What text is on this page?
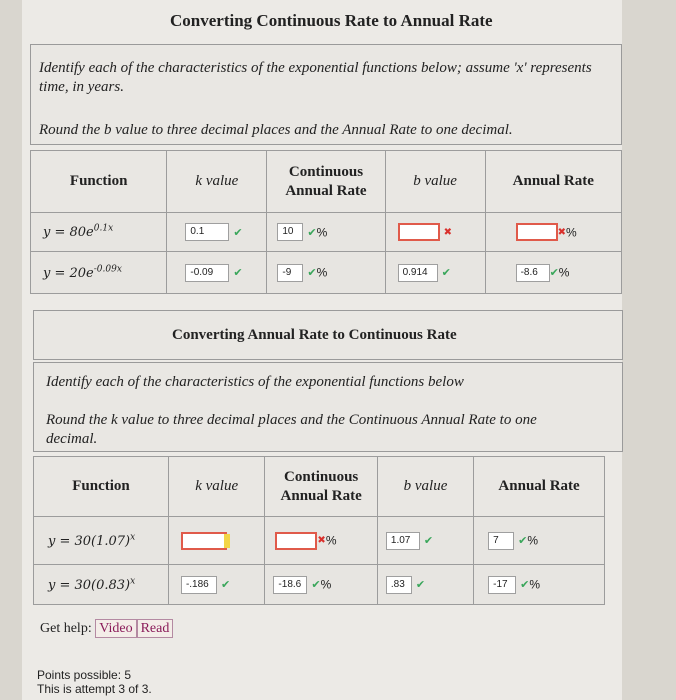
Converting Continuous Rate to Annual Rate
Identify each of the characteristics of the exponential functions below; assume 'x' represents time, in years.
Round the b value to three decimal places and the Annual Rate to one decimal.
Function	k value	Continuous Annual Rate	b value	Annual Rate
$y = 80e^{0.1x}$	0.1 ✔	10 ✔%	✖	✖%
$y = 20e^{-0.09x}$	-0.09 ✔	-9 ✔%	0.914 ✔	-8.6 ✔%
Converting Annual Rate to Continuous Rate
Identify each of the characteristics of the exponential functions below
Round the k value to three decimal places and the Continuous Annual Rate to one decimal.
Function	k value	Continuous Annual Rate	b value	Annual Rate
$y = 30(1.07)^x$		✖%	1.07 ✔	7 ✔%
$y = 30(0.83)^x$	-.186 ✔	-18.6 ✔%	.83 ✔	-17 ✔%
Get help: Video Read
Points possible: 5
This is attempt 3 of 3.
